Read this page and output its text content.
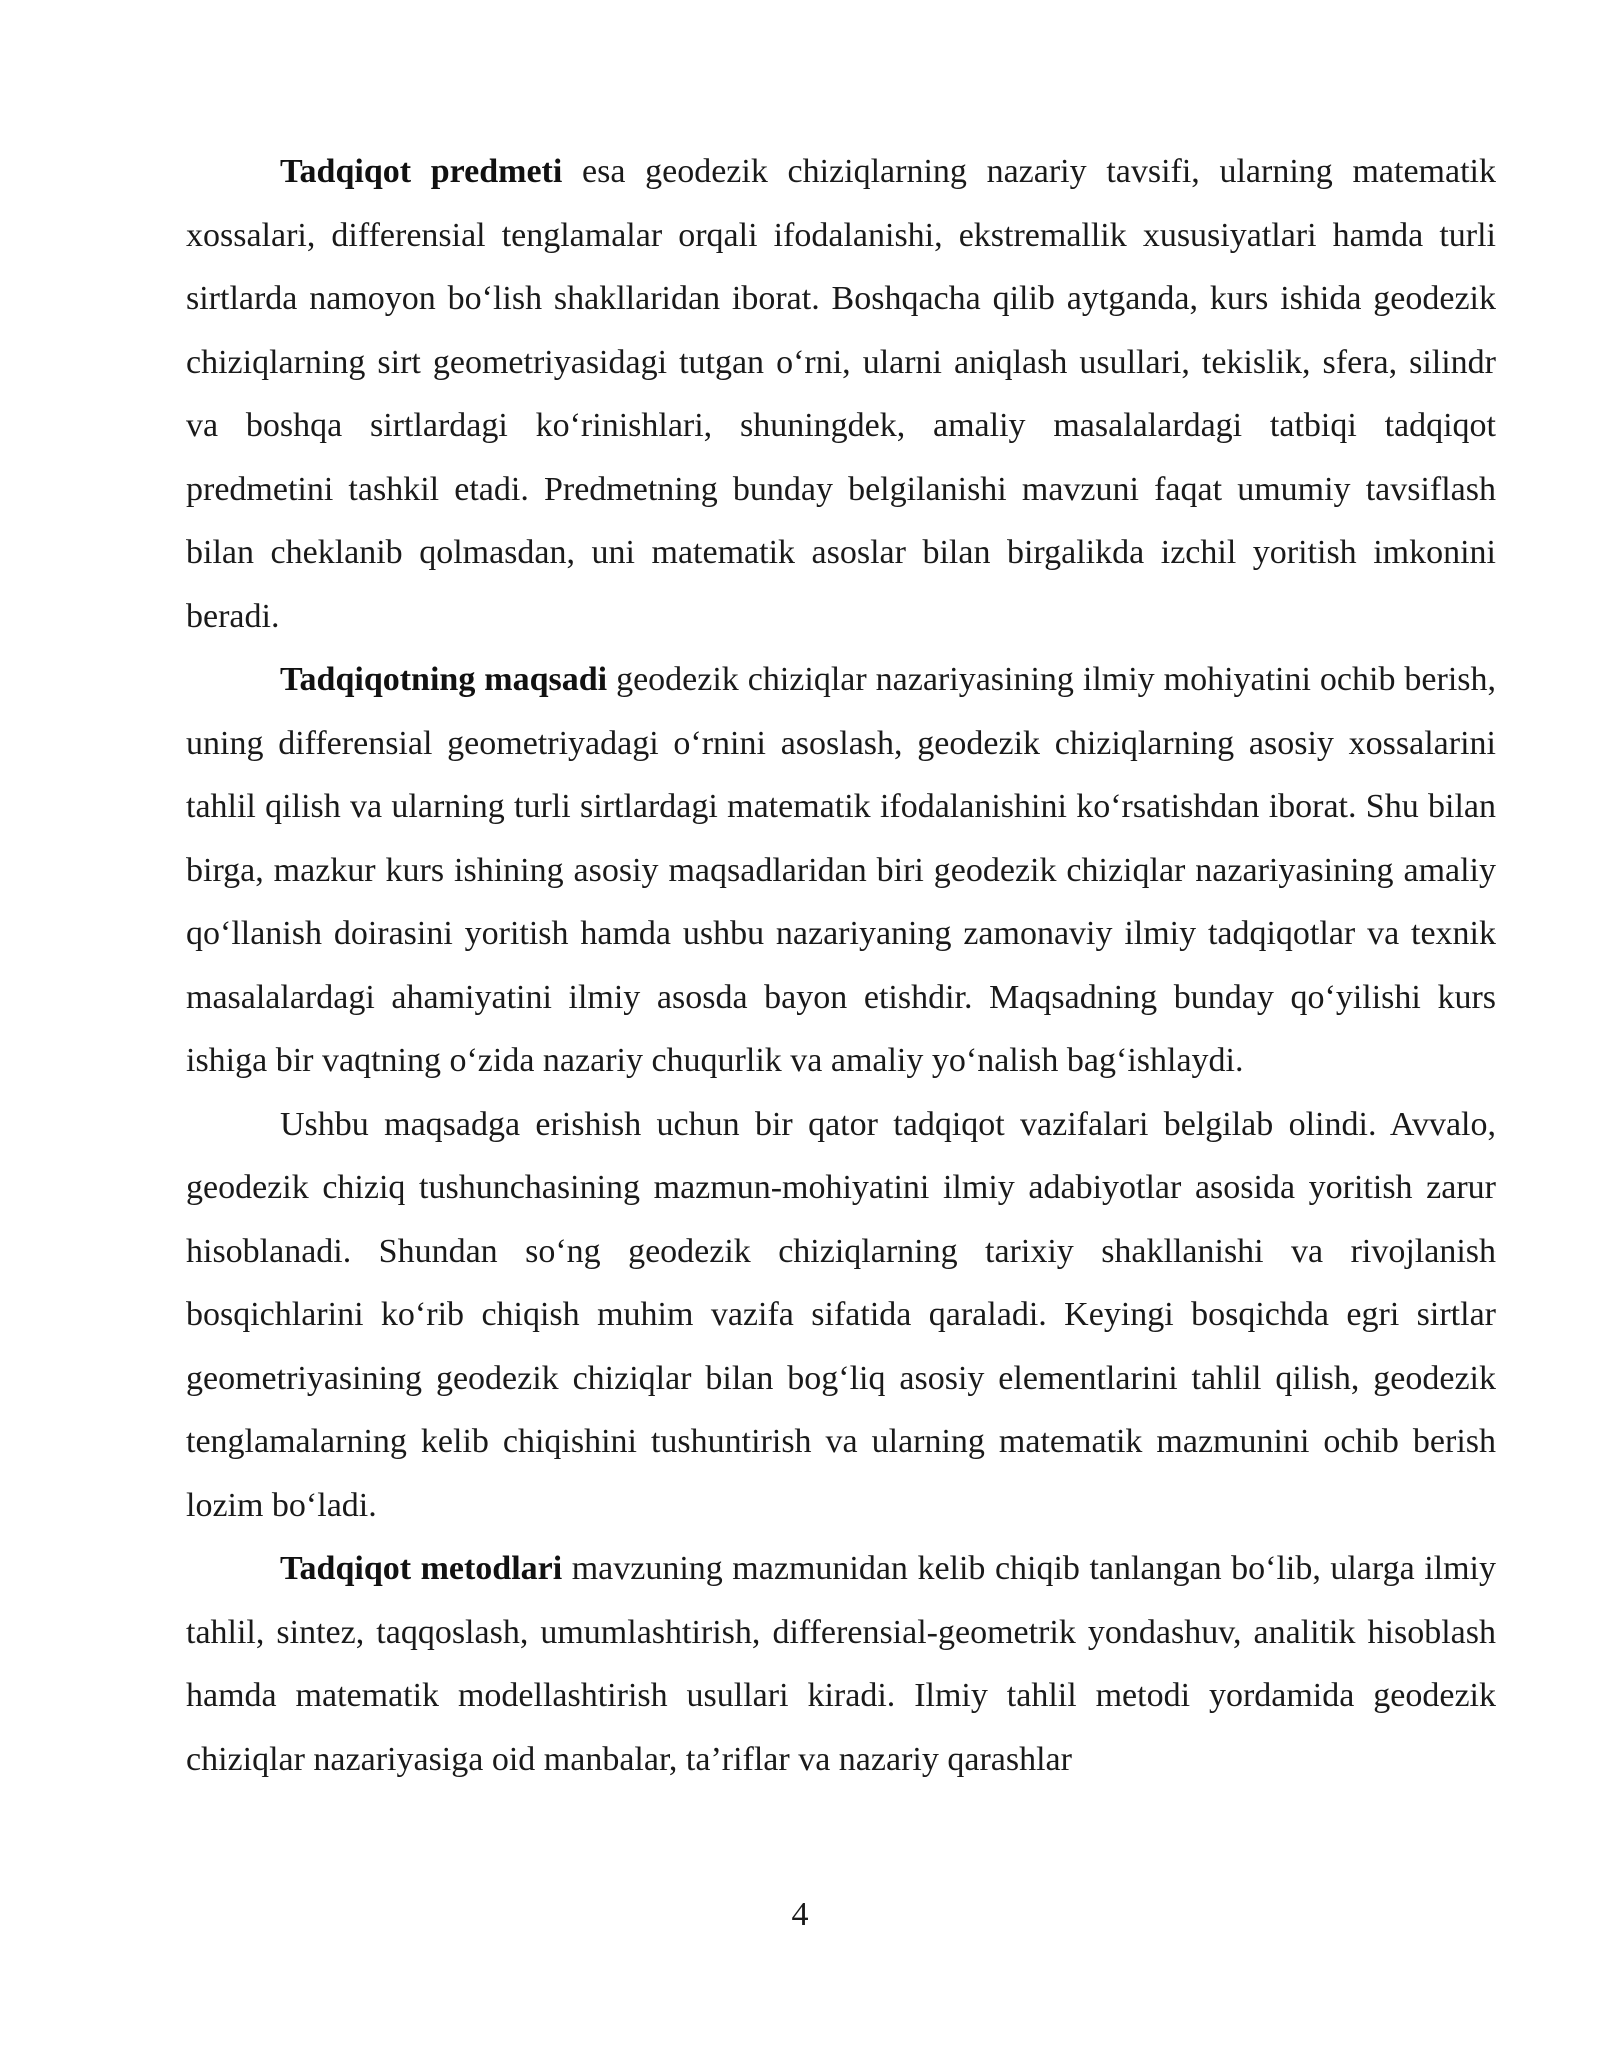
Tadqiqot predmeti esa geodezik chiziqlarning nazariy tavsifi, ularning matematik xossalari, differensial tenglamalar orqali ifodalanishi, ekstremallik xususiyatlari hamda turli sirtlarda namoyon boʻlish shakllaridan iborat. Boshqacha qilib aytganda, kurs ishida geodezik chiziqlarning sirt geometriyasidagi tutgan oʻrni, ularni aniqlash usullari, tekislik, sfera, silindr va boshqa sirtlardagi koʻrinishlari, shuningdek, amaliy masalalardagi tatbiqi tadqiqot predmetini tashkil etadi. Predmetning bunday belgilanishi mavzuni faqat umumiy tavsiflash bilan cheklanib qolmasdan, uni matematik asoslar bilan birgalikda izchil yoritish imkonini beradi.

Tadqiqotning maqsadi geodezik chiziqlar nazariyasining ilmiy mohiyatini ochib berish, uning differensial geometriyadagi oʻrnini asoslash, geodezik chiziqlarning asosiy xossalarini tahlil qilish va ularning turli sirtlardagi matematik ifodalanishini koʻrsatishdan iborat. Shu bilan birga, mazkur kurs ishining asosiy maqsadlaridan biri geodezik chiziqlar nazariyasining amaliy qoʻllanish doirasini yoritish hamda ushbu nazariyaning zamonaviy ilmiy tadqiqotlar va texnik masalalardagi ahamiyatini ilmiy asosda bayon etishdir. Maqsadning bunday qoʻyilishi kurs ishiga bir vaqtning oʻzida nazariy chuqurlik va amaliy yoʻnalish bagʻishlaydi.

Ushbu maqsadga erishish uchun bir qator tadqiqot vazifalari belgilab olindi. Avvalo, geodezik chiziq tushunchasining mazmun-mohiyatini ilmiy adabiyotlar asosida yoritish zarur hisoblanadi. Shundan soʻng geodezik chiziqlarning tarixiy shakllanishi va rivojlanish bosqichlarini koʻrib chiqish muhim vazifa sifatida qaraladi. Keyingi bosqichda egri sirtlar geometriyasining geodezik chiziqlar bilan bogʻliq asosiy elementlarini tahlil qilish, geodezik tenglamalarning kelib chiqishini tushuntirish va ularning matematik mazmunini ochib berish lozim boʻladi.

Tadqiqot metodlari mavzuning mazmunidan kelib chiqib tanlangan boʻlib, ularga ilmiy tahlil, sintez, taqqoslash, umumlashtirish, differensial-geometrik yondashuv, analitik hisoblash hamda matematik modellashtirish usullari kiradi. Ilmiy tahlil metodi yordamida geodezik chiziqlar nazariyasiga oid manbalar, ta’riflar va nazariy qarashlar

4
